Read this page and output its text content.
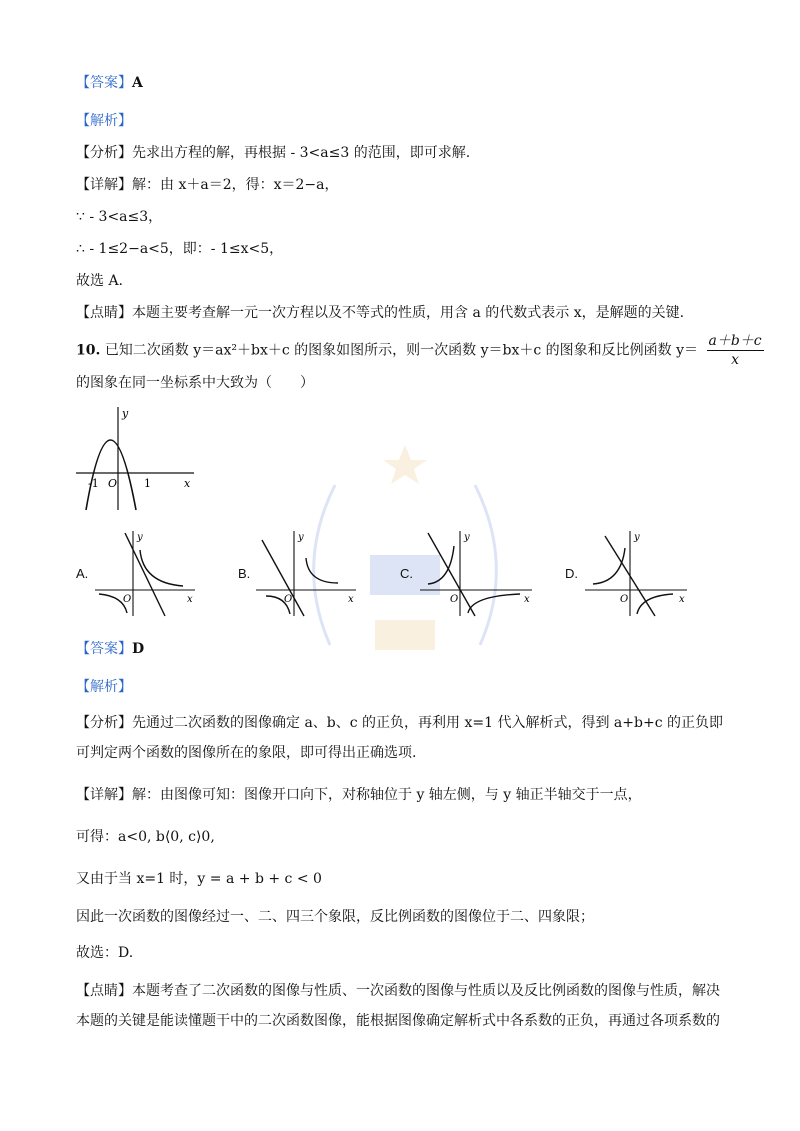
【答案】A
【解析】
【分析】先求出方程的解，再根据 - 3<a≤3 的范围，即可求解.
【详解】解：由 x＋a＝2，得：x＝2−a，
∵ - 3<a≤3，
∴ - 1≤2−a<5，即：- 1≤x<5，
故选 A.
【点睛】本题主要考查解一元一次方程以及不等式的性质，用含 a 的代数式表示 x，是解题的关键.
10. 已知二次函数 y＝ax²＋bx＋c 的图象如图所示，则一次函数 y＝bx＋c 的图象和反比例函数 $y= \frac{a+b+c}{x}$
的图象在同一坐标系中大致为（　　）
y
x
-1 O 1
A.
y
x
O
B.
y
x
O
C.
y
x
O
D.
y
x
O
【答案】D
【解析】
【分析】先通过二次函数的图像确定 a、b、c 的正负，再利用 x=1 代入解析式，得到 a+b+c 的正负即可判定两个函数的图像所在的象限，即可得出正确选项.
【详解】解：由图像可知：图像开口向下，对称轴位于 y 轴左侧，与 y 轴正半轴交于一点，
可得：a<0, b⟨0, c⟩0,
又由于当 x=1 时，y = a + b + c < 0
因此一次函数的图像经过一、二、四三个象限，反比例函数的图像位于二、四象限；
故选：D.
【点睛】本题考查了二次函数的图像与性质、一次函数的图像与性质以及反比例函数的图像与性质，解决本题的关键是能读懂题干中的二次函数图像，能根据图像确定解析式中各系数的正负，再通过各项系数的
